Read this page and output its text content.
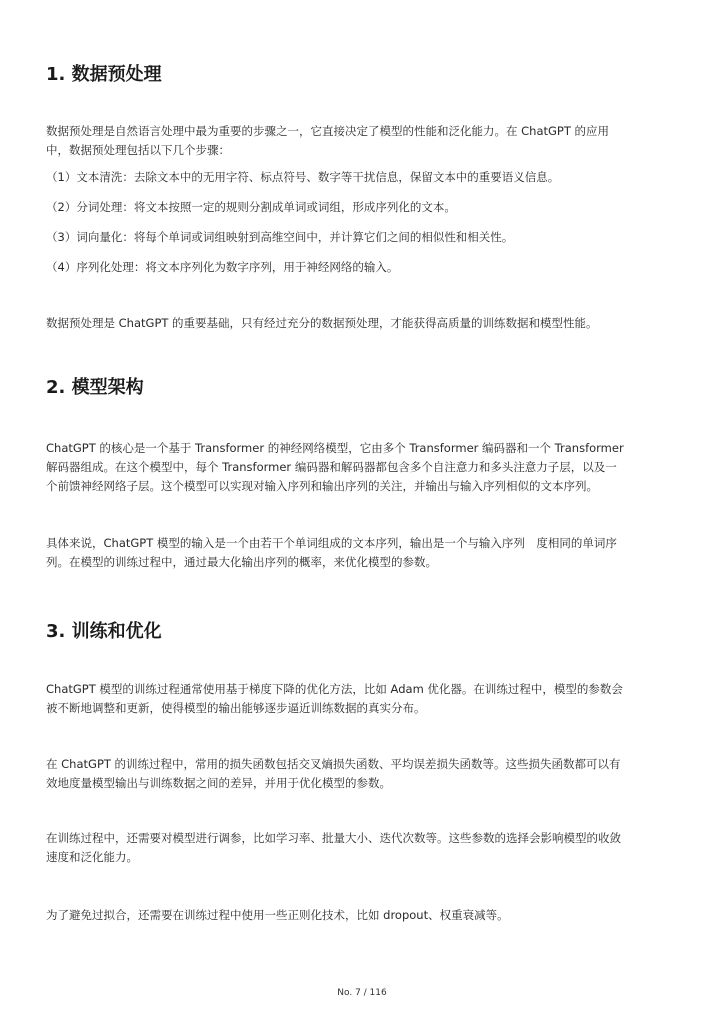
1. 数据预处理
数据预处理是自然语言处理中最为重要的步骤之一，它直接决定了模型的性能和泛化能力。在 ChatGPT 的应用
中，数据预处理包括以下几个步骤：
（1）文本清洗：去除文本中的无用字符、标点符号、数字等干扰信息，保留文本中的重要语义信息。
（2）分词处理：将文本按照一定的规则分割成单词或词组，形成序列化的文本。
（3）词向量化：将每个单词或词组映射到高维空间中，并计算它们之间的相似性和相关性。
（4）序列化处理：将文本序列化为数字序列，用于神经网络的输入。
数据预处理是 ChatGPT 的重要基础，只有经过充分的数据预处理，才能获得高质量的训练数据和模型性能。
2. 模型架构
ChatGPT 的核心是一个基于 Transformer 的神经网络模型，它由多个 Transformer 编码器和一个 Transformer
解码器组成。在这个模型中，每个 Transformer 编码器和解码器都包含多个自注意力和多头注意力子层，以及一
个前馈神经网络子层。这个模型可以实现对输入序列和输出序列的关注，并输出与输入序列相似的文本序列。
具体来说，ChatGPT 模型的输入是一个由若干个单词组成的文本序列，输出是一个与输入序列　度相同的单词序
列。在模型的训练过程中，通过最大化输出序列的概率，来优化模型的参数。
3. 训练和优化
ChatGPT 模型的训练过程通常使用基于梯度下降的优化方法，比如 Adam 优化器。在训练过程中，模型的参数会
被不断地调整和更新，使得模型的输出能够逐步逼近训练数据的真实分布。
在 ChatGPT 的训练过程中，常用的损失函数包括交叉熵损失函数、平均误差损失函数等。这些损失函数都可以有
效地度量模型输出与训练数据之间的差异，并用于优化模型的参数。
在训练过程中，还需要对模型进行调参，比如学习率、批量大小、迭代次数等。这些参数的选择会影响模型的收敛
速度和泛化能力。
为了避免过拟合，还需要在训练过程中使用一些正则化技术，比如 dropout、权重衰减等。
No. 7 / 116
